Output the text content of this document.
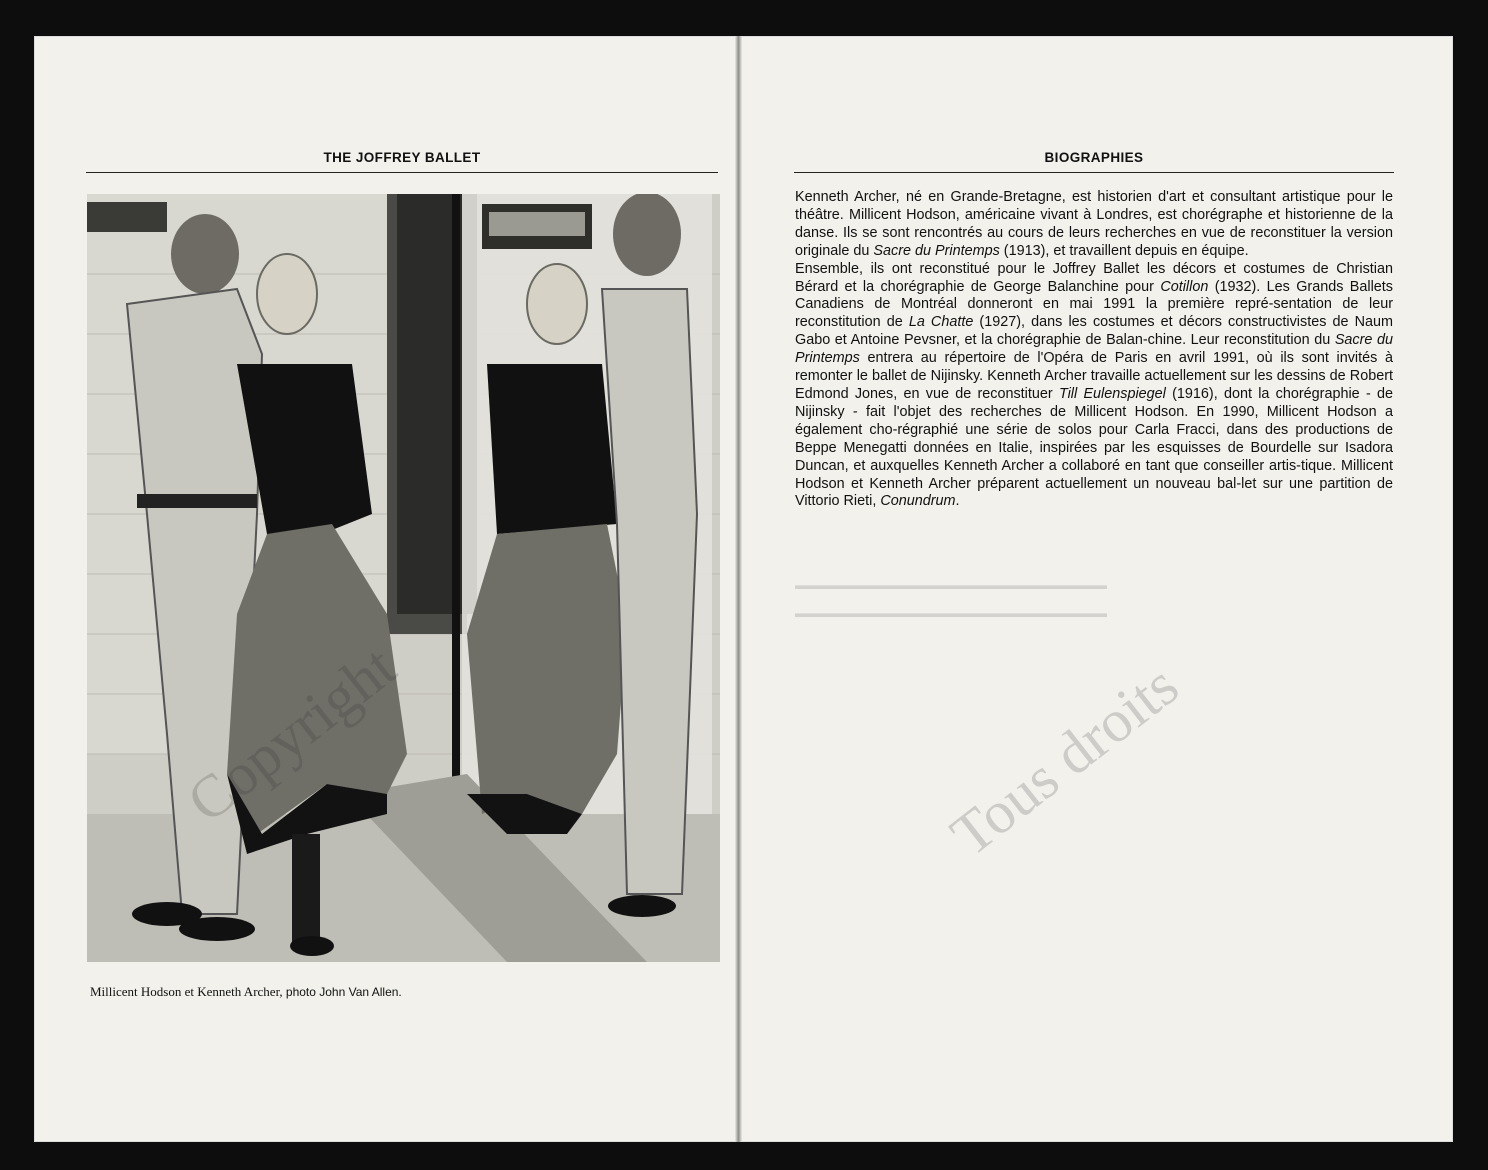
THE JOFFREY BALLET
Millicent Hodson et Kenneth Archer, photo John Van Allen.
BIOGRAPHIES

Kenneth Archer, né en Grande-Bretagne, est historien d'art et consultant artistique pour le théâtre. Millicent Hodson, américaine vivant à Londres, est chorégraphe et historienne de la danse. Ils se sont rencontrés au cours de leurs recherches en vue de reconstituer la version originale du Sacre du Printemps (1913), et travaillent depuis en équipe.

Ensemble, ils ont reconstitué pour le Joffrey Ballet les décors et costumes de Christian Bérard et la chorégraphie de George Balanchine pour Cotillon (1932). Les Grands Ballets Canadiens de Montréal donneront en mai 1991 la première repré-sentation de leur reconstitution de La Chatte (1927), dans les costumes et décors constructivistes de Naum Gabo et Antoine Pevsner, et la chorégraphie de Balan-chine. Leur reconstitution du Sacre du Printemps entrera au répertoire de l'Opéra de Paris en avril 1991, où ils sont invités à remonter le ballet de Nijinsky. Kenneth Archer travaille actuellement sur les dessins de Robert Edmond Jones, en vue de reconstituer Till Eulenspiegel (1916), dont la chorégraphie - de Nijinsky - fait l'objet des recherches de Millicent Hodson. En 1990, Millicent Hodson a également cho-régraphié une série de solos pour Carla Fracci, dans des productions de Beppe Menegatti données en Italie, inspirées par les esquisses de Bourdelle sur Isadora Duncan, et auxquelles Kenneth Archer a collaboré en tant que conseiller artis-tique. Millicent Hodson et Kenneth Archer préparent actuellement un nouveau bal-let sur une partition de Vittorio Rieti, Conundrum.

▬▬▬▬▬▬▬▬▬▬▬▬▬▬▬▬▬▬▬▬▬▬▬▬▬▬

▬▬▬▬▬▬▬▬▬▬▬▬▬▬▬▬▬▬▬▬▬▬▬▬▬▬

Tous droits
